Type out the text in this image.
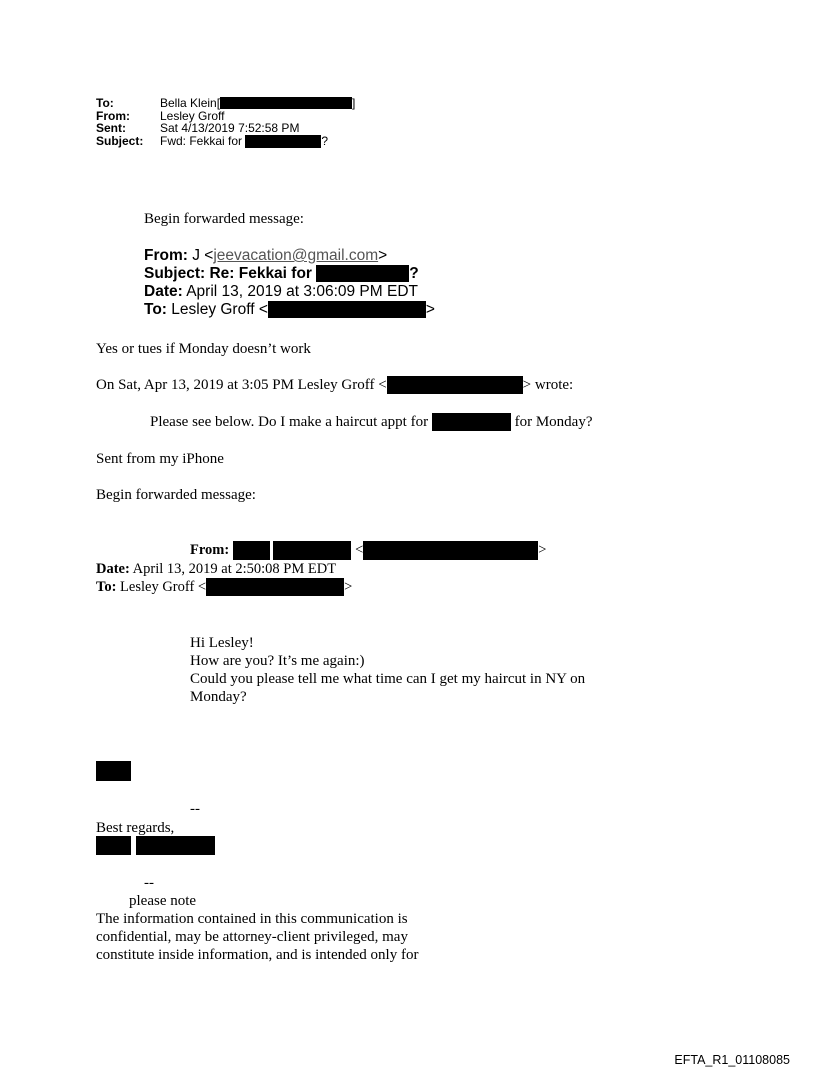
To:	Bella Klein[	]
From:	Lesley Groff
Sent:	Sat 4/13/2019 7:52:58 PM
Subject: Fwd: Fekkai for	?
Begin forwarded message:
From: J <jeevacation@gmail.com>
Subject: Re: Fekkai for	?
Date: April 13, 2019 at 3:06:09 PM EDT
To: Lesley Groff <	>
Yes or tues if Monday doesn’t work
On Sat, Apr 13, 2019 at 3:05 PM Lesley Groff <	> wrote:
Please see below. Do I make a haircut appt for	for Monday?
Sent from my iPhone
Begin forwarded message:
From:	<	>
Date: April 13, 2019 at 2:50:08 PM EDT
To: Lesley Groff <	>
Hi Lesley!
How are you? It’s me again:)
Could you please tell me what time can I get my haircut in NY on
Monday?
--
Best regards,
--
please note
The information contained in this communication is
confidential, may be attorney-client privileged, may
constitute inside information, and is intended only for
EFTA_R1_01108085
